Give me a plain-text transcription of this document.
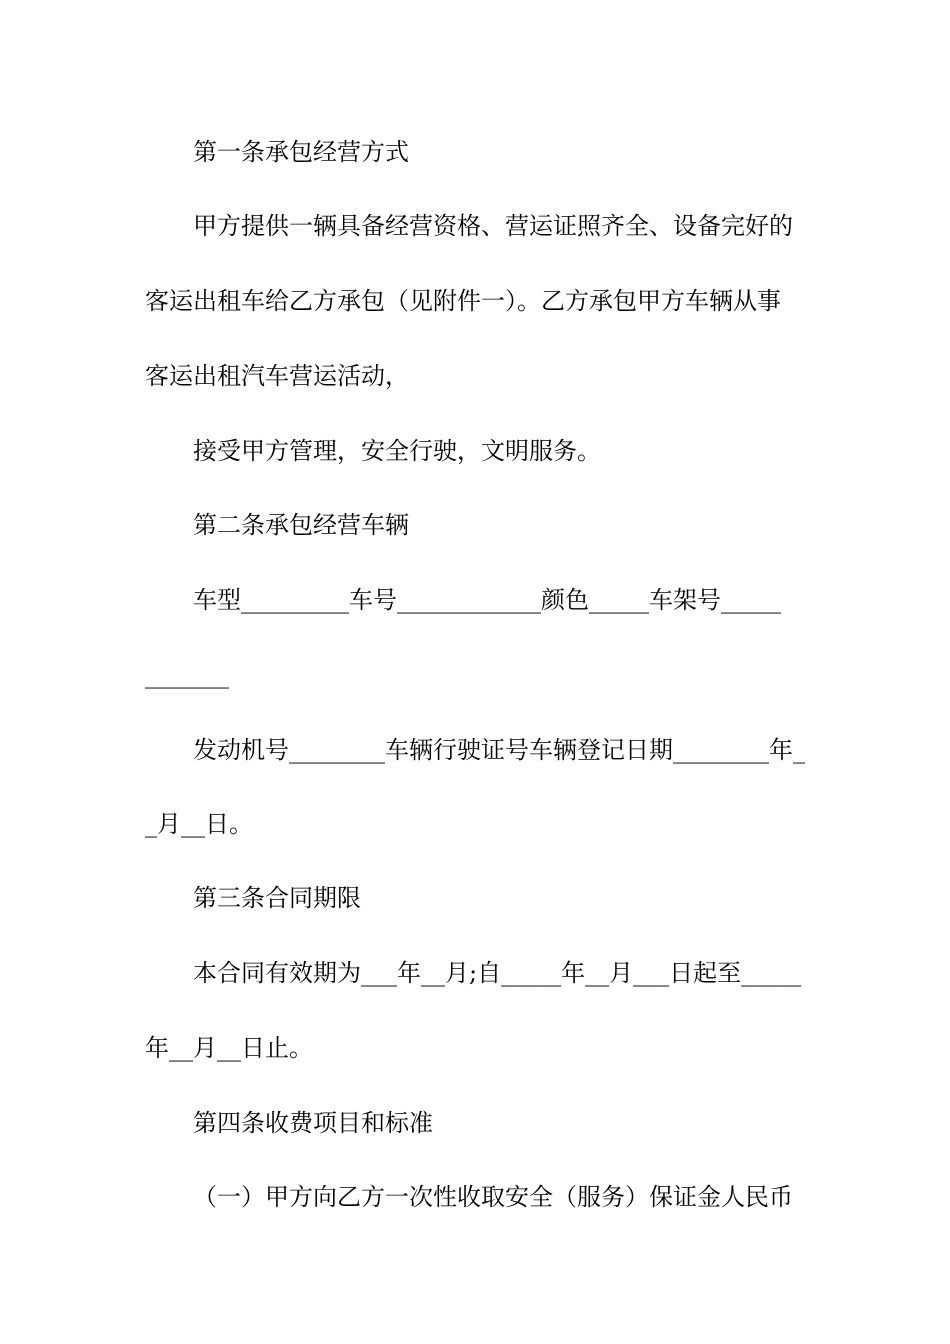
第一条承包经营方式
甲方提供一辆具备经营资格、营运证照齐全、设备完好的
客运出租车给乙方承包（见附件一）。乙方承包甲方车辆从事
客运出租汽车营运活动，
接受甲方管理，安全行驶，文明服务。
第二条承包经营车辆
车型_________车号____________颜色_____车架号_____
_______
发动机号________车辆行驶证号车辆登记日期________年_
_月__日。
第三条合同期限
本合同有效期为___年__月;自_____年__月___日起至_____
年__月__日止。
第四条收费项目和标准
（一）甲方向乙方一次性收取安全（服务）保证金人民币
